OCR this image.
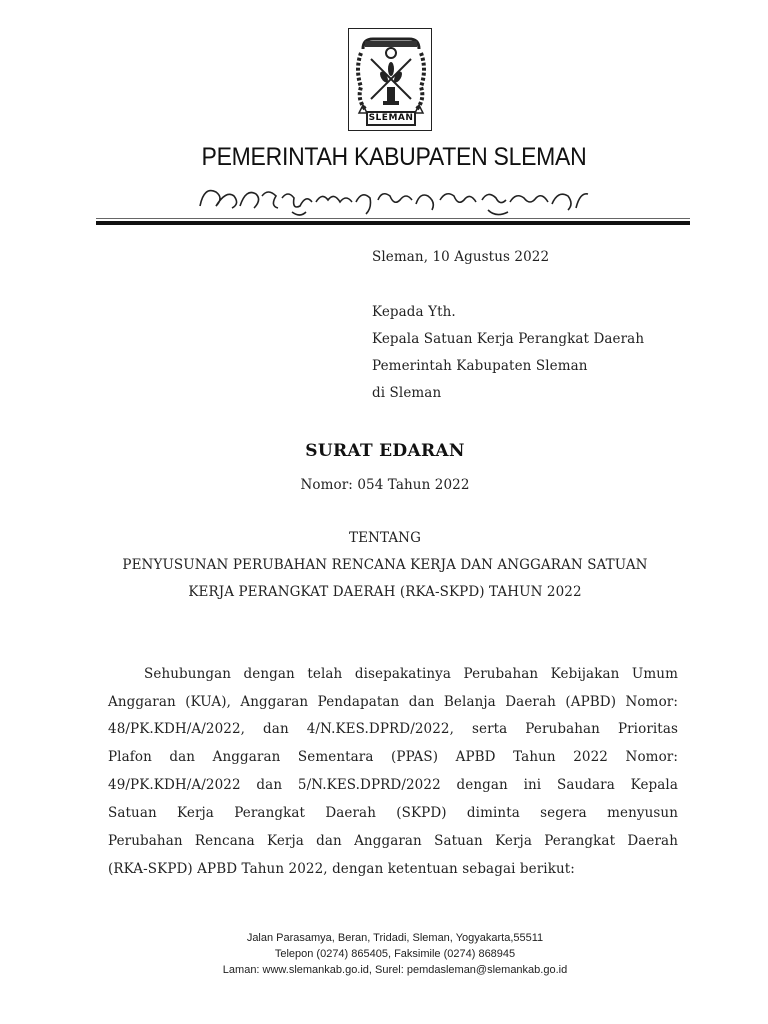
SLEMAN
PEMERINTAH KABUPATEN SLEMAN
Sleman, 10 Agustus 2022
Kepada Yth.
Kepala Satuan Kerja Perangkat Daerah
Pemerintah Kabupaten Sleman
di Sleman
SURAT EDARAN
Nomor: 054 Tahun 2022
TENTANG
PENYUSUNAN PERUBAHAN RENCANA KERJA DAN ANGGARAN SATUAN
KERJA PERANGKAT DAERAH (RKA-SKPD) TAHUN 2022
Sehubungan dengan telah disepakatinya Perubahan Kebijakan Umum
Anggaran (KUA), Anggaran Pendapatan dan Belanja Daerah (APBD) Nomor:
48/PK.KDH/A/2022, dan 4/N.KES.DPRD/2022, serta Perubahan Prioritas
Plafon dan Anggaran Sementara (PPAS) APBD Tahun 2022 Nomor:
49/PK.KDH/A/2022 dan 5/N.KES.DPRD/2022 dengan ini Saudara Kepala
Satuan Kerja Perangkat Daerah (SKPD) diminta segera menyusun
Perubahan Rencana Kerja dan Anggaran Satuan Kerja Perangkat Daerah
(RKA-SKPD) APBD Tahun 2022, dengan ketentuan sebagai berikut:
Jalan Parasamya, Beran, Tridadi, Sleman, Yogyakarta,55511
Telepon (0274) 865405, Faksimile (0274) 868945
Laman: www.slemankab.go.id, Surel: pemdasleman@slemankab.go.id
